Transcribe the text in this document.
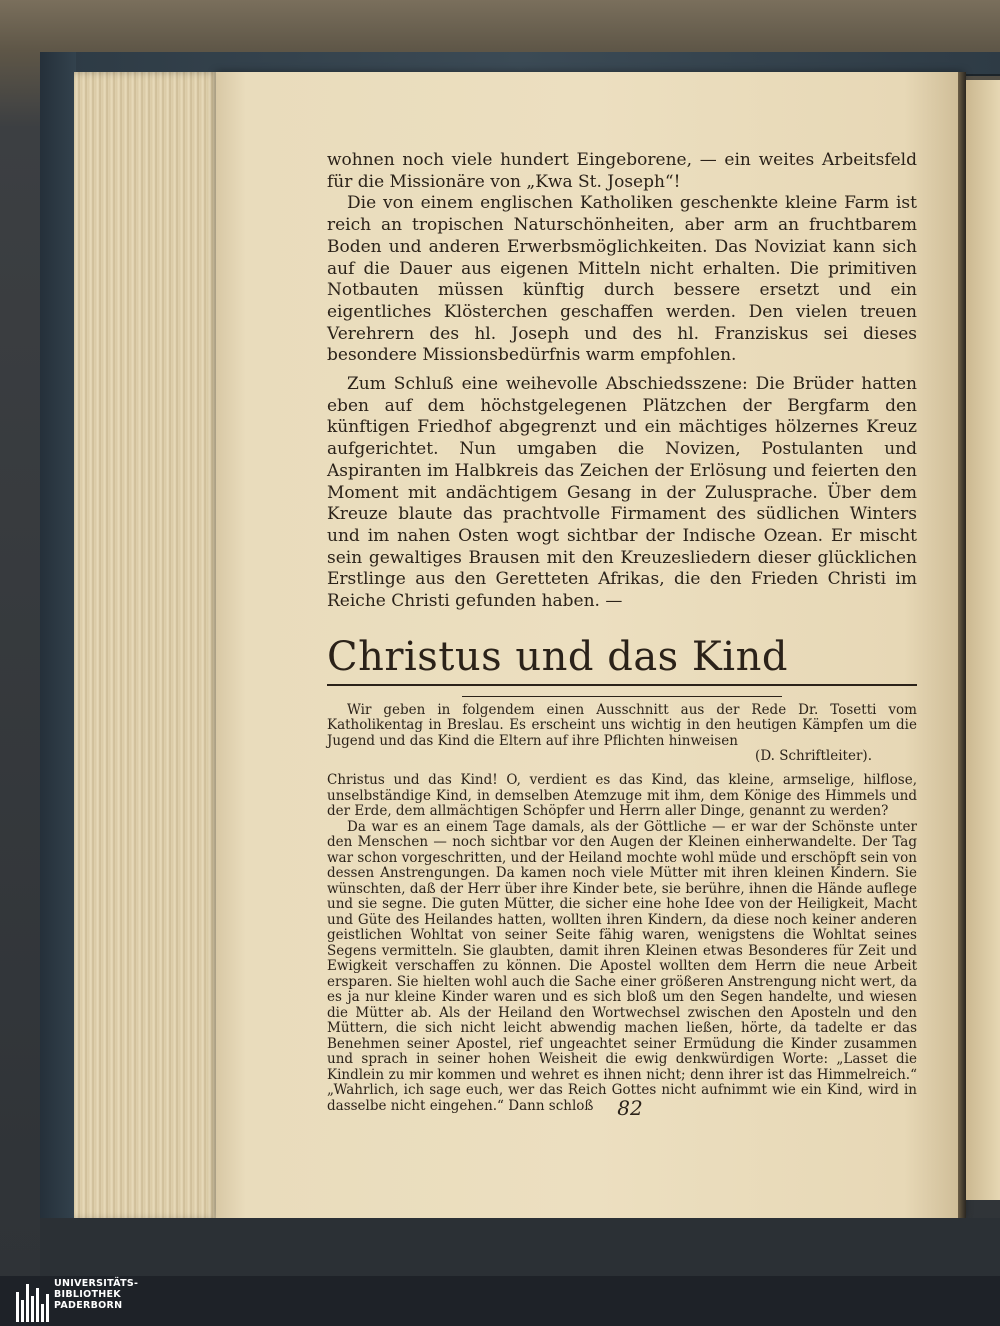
wohnen noch viele hundert Eingeborene, — ein weites Arbeitsfeld für die Missionäre von „Kwa St. Joseph“!

Die von einem englischen Katholiken geschenkte kleine Farm ist reich an tropischen Naturschönheiten, aber arm an fruchtbarem Boden und anderen Erwerbsmöglichkeiten. Das Noviziat kann sich auf die Dauer aus eigenen Mitteln nicht erhalten. Die primitiven Notbauten müssen künftig durch bessere ersetzt und ein eigentliches Klösterchen geschaffen werden. Den vielen treuen Verehrern des hl. Joseph und des hl. Franziskus sei dieses besondere Missionsbedürfnis warm empfohlen.

Zum Schluß eine weihevolle Abschiedsszene: Die Brüder hatten eben auf dem höchstgelegenen Plätzchen der Bergfarm den künftigen Friedhof abgegrenzt und ein mächtiges hölzernes Kreuz aufgerichtet. Nun umgaben die Novizen, Postulanten und Aspiranten im Halbkreis das Zeichen der Erlösung und feierten den Moment mit andächtigem Gesang in der Zulusprache. Über dem Kreuze blaute das prachtvolle Firmament des südlichen Winters und im nahen Osten wogt sichtbar der Indische Ozean. Er mischt sein gewaltiges Brausen mit den Kreuzesliedern dieser glücklichen Erstlinge aus den Geretteten Afrikas, die den Frieden Christi im Reiche Christi gefunden haben. —

Christus und das Kind

Wir geben in folgendem einen Ausschnitt aus der Rede Dr. Tosetti vom Katholikentag in Breslau. Es erscheint uns wichtig in den heutigen Kämpfen um die Jugend und das Kind die Eltern auf ihre Pflichten hinweisen

(D. Schriftleiter).

Christus und das Kind! O, verdient es das Kind, das kleine, armselige, hilflose, unselbständige Kind, in demselben Atemzuge mit ihm, dem Könige des Himmels und der Erde, dem allmächtigen Schöpfer und Herrn aller Dinge, genannt zu werden?

Da war es an einem Tage damals, als der Göttliche — er war der Schönste unter den Menschen — noch sichtbar vor den Augen der Kleinen einherwandelte. Der Tag war schon vorgeschritten, und der Heiland mochte wohl müde und erschöpft sein von dessen Anstrengungen. Da kamen noch viele Mütter mit ihren kleinen Kindern. Sie wünschten, daß der Herr über ihre Kinder bete, sie berühre, ihnen die Hände auflege und sie segne. Die guten Mütter, die sicher eine hohe Idee von der Heiligkeit, Macht und Güte des Heilandes hatten, wollten ihren Kindern, da diese noch keiner anderen geistlichen Wohltat von seiner Seite fähig waren, wenigstens die Wohltat seines Segens vermitteln. Sie glaubten, damit ihren Kleinen etwas Besonderes für Zeit und Ewigkeit verschaffen zu können. Die Apostel wollten dem Herrn die neue Arbeit ersparen. Sie hielten wohl auch die Sache einer größeren Anstrengung nicht wert, da es ja nur kleine Kinder waren und es sich bloß um den Segen handelte, und wiesen die Mütter ab. Als der Heiland den Wortwechsel zwischen den Aposteln und den Müttern, die sich nicht leicht abwendig machen ließen, hörte, da tadelte er das Benehmen seiner Apostel, rief ungeachtet seiner Ermüdung die Kinder zusammen und sprach in seiner hohen Weisheit die ewig denkwürdigen Worte: „Lasset die Kindlein zu mir kommen und wehret es ihnen nicht; denn ihrer ist das Himmelreich.“ „Wahrlich, ich sage euch, wer das Reich Gottes nicht aufnimmt wie ein Kind, wird in dasselbe nicht eingehen.“ Dann schloß	82
UNIVERSITÄTS-
BIBLIOTHEK
PADERBORN
